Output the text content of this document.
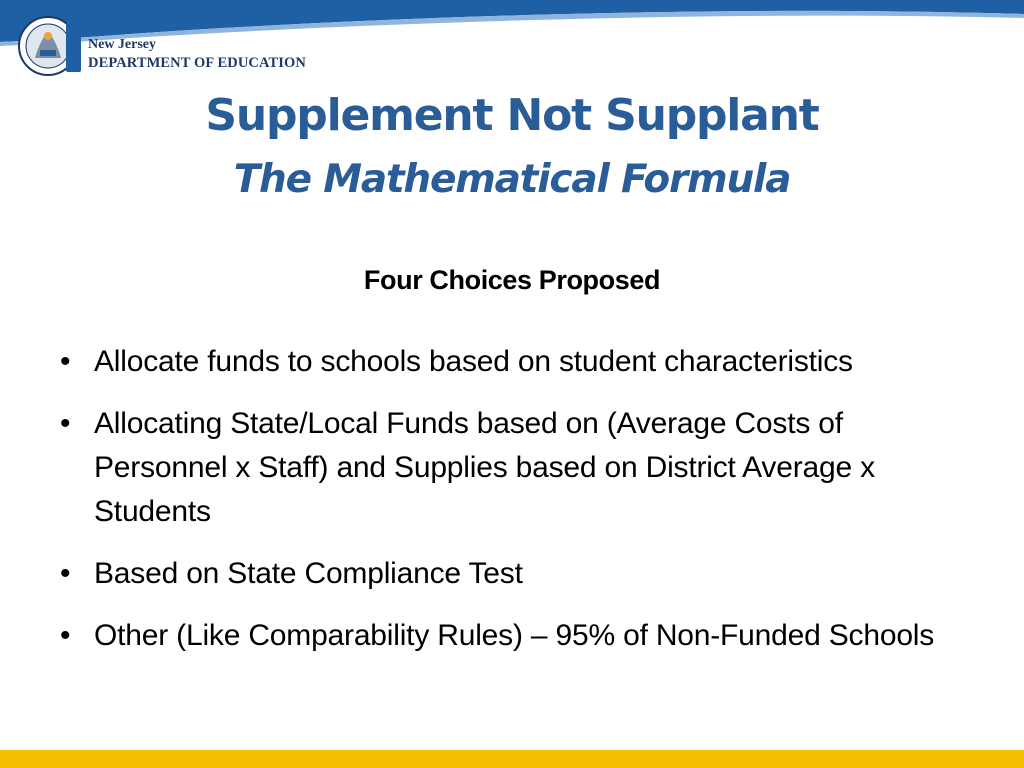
New Jersey
DEPARTMENT OF EDUCATION
Supplement Not Supplant
The Mathematical Formula
Four Choices Proposed
• Allocate funds to schools based on student characteristics
• Allocating State/Local Funds based on (Average Costs of Personnel x Staff) and Supplies based on District Average x Students
• Based on State Compliance Test
• Other (Like Comparability Rules) – 95% of Non-Funded Schools
